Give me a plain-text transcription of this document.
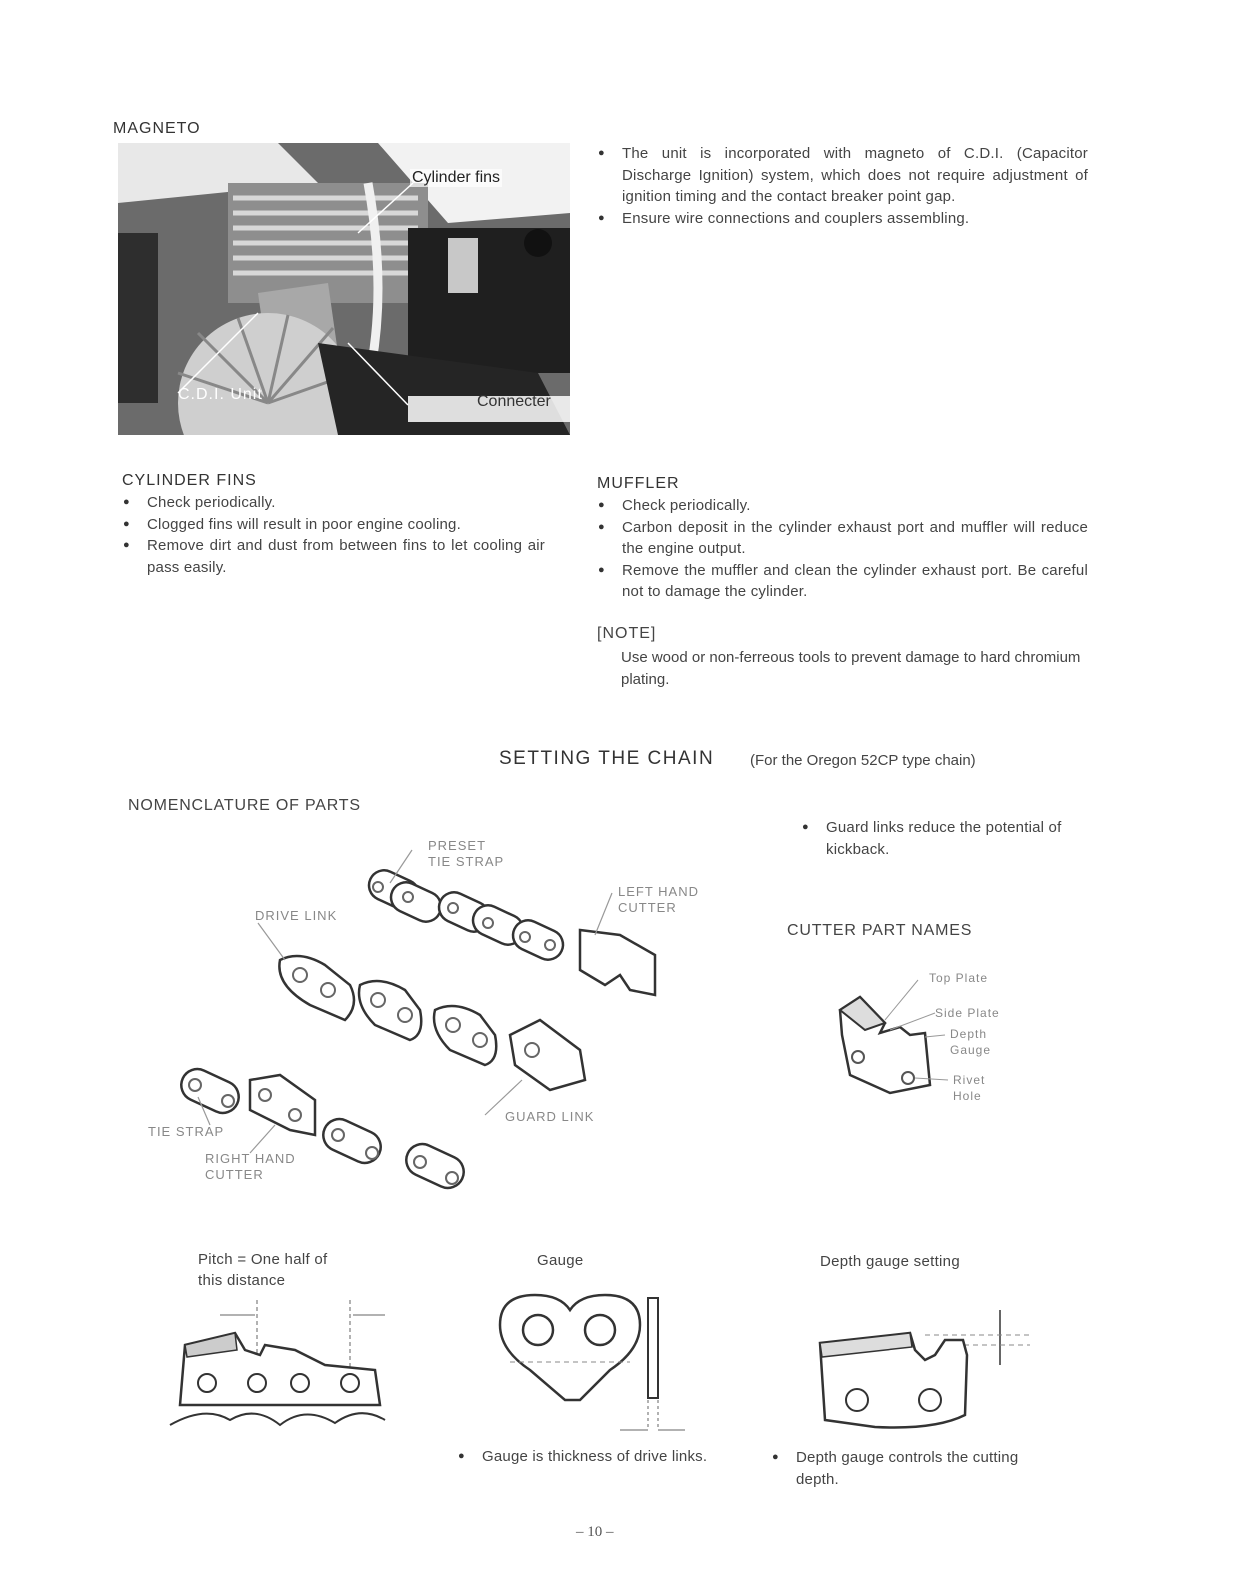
MAGNETO
Cylinder fins
C.D.I. Unit	Connecter
● The unit is incorporated with magneto of C.D.I. (Capacitor Discharge Ignition) system, which does not require adjustment of ignition timing and the contact breaker point gap.
● Ensure wire connections and couplers assembling.
CYLINDER FINS
● Check periodically.
● Clogged fins will result in poor engine cooling.
● Remove dirt and dust from between fins to let cooling air pass easily.
MUFFLER
● Check periodically.
● Carbon deposit in the cylinder exhaust port and muffler will reduce the engine output.
● Remove the muffler and clean the cylinder exhaust port. Be careful not to damage the cylinder.
[NOTE]
Use wood or non-ferreous tools to prevent damage to hard chromium plating.
SETTING THE CHAIN (For the Oregon 52CP type chain)
NOMENCLATURE OF PARTS
PRESET
TIE STRAP
DRIVE LINK
LEFT HAND
CUTTER
GUARD LINK
TIE STRAP
RIGHT HAND
CUTTER
● Guard links reduce the potential of kickback.
CUTTER PART NAMES
Top Plate
Side Plate
Depth
Gauge
Rivet
Hole
Pitch = One half of
this distance
Gauge	Depth gauge setting
● Gauge is thickness of drive links.
●	Depth gauge controls the cutting depth.
– 10 –
